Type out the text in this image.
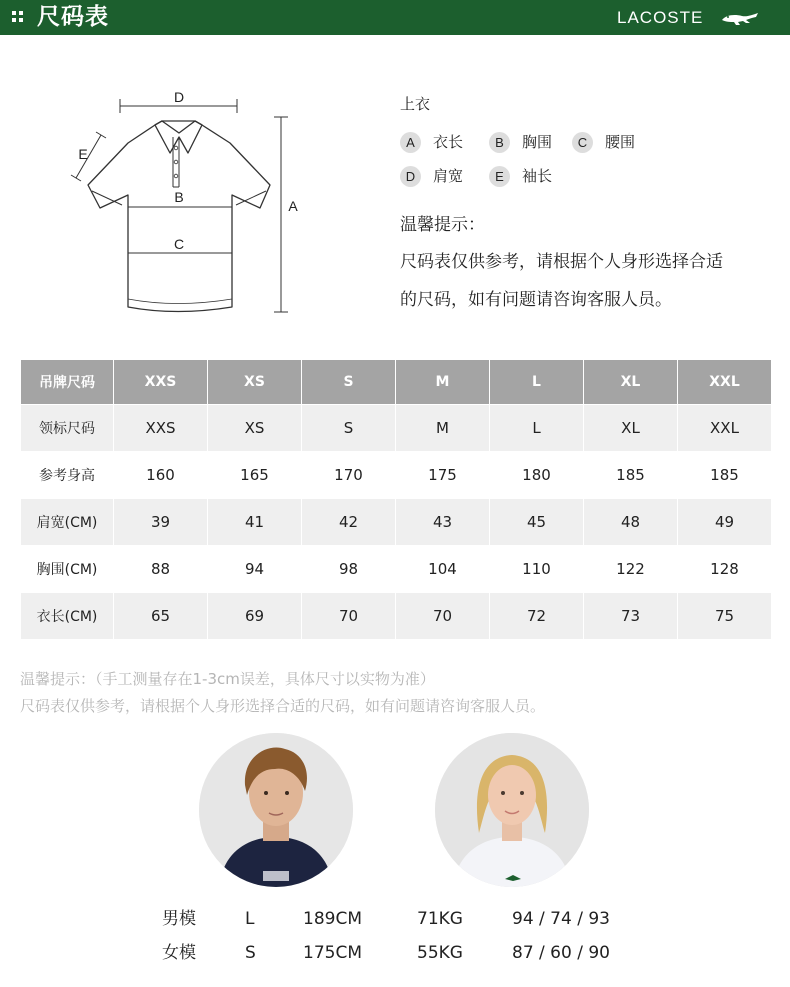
尺码表	LACOSTE
D
E
B
C
A
上衣
A	衣长	B	胸围	C	腰围
D	肩宽	E	袖长
温馨提示：
尺码表仅供参考，请根据个人身形选择合适
的尺码，如有问题请咨询客服人员。
吊牌尺码	XXS	XS	S	M	L	XL	XXL
领标尺码	XXS	XS	S	M	L	XL	XXL
参考身高	160	165	170	175	180	185	185
肩宽(CM)	39	41	42	43	45	48	49
胸围(CM)	88	94	98	104	110	122	128
衣长(CM)	65	69	70	70	72	73	75
温馨提示：（手工测量存在1-3cm误差，具体尺寸以实物为准）
尺码表仅供参考，请根据个人身形选择合适的尺码，如有问题请咨询客服人员。
男模	L	189CM	71KG	94 / 74 / 93
女模	S	175CM	55KG	87 / 60 / 90
